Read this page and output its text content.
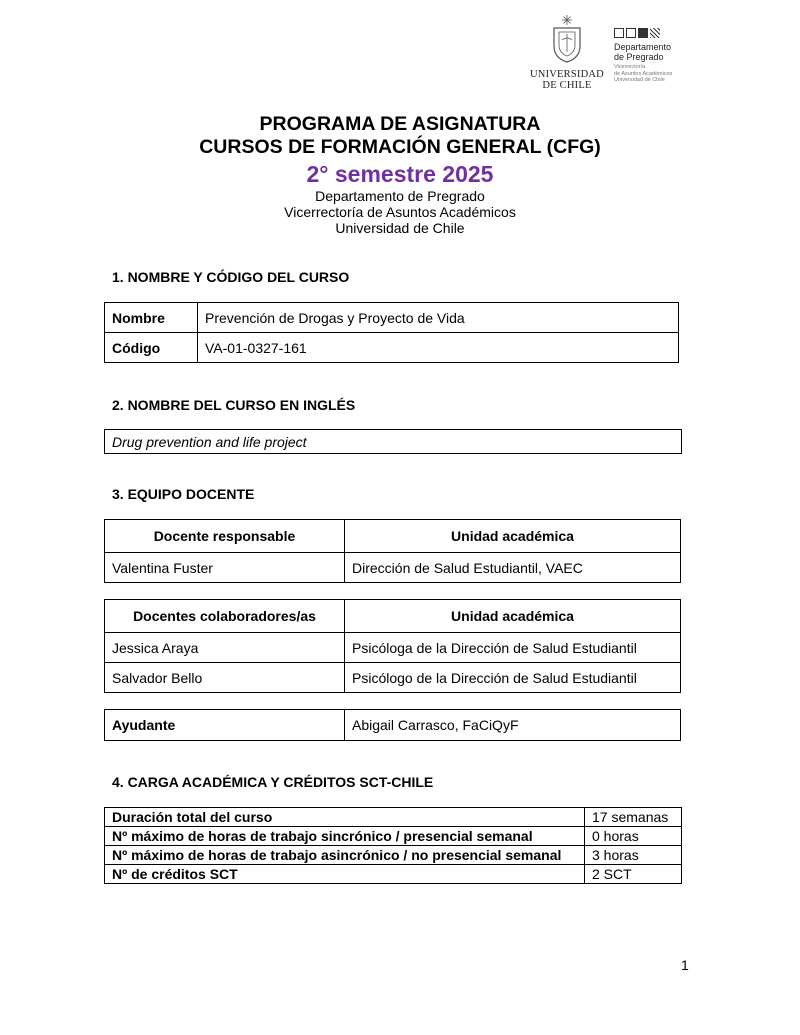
UNIVERSIDAD
DE CHILE
Departamento
de Pregrado
Vicerrectoría
de Asuntos Académicos
Universidad de Chile
PROGRAMA DE ASIGNATURA
CURSOS DE FORMACIÓN GENERAL (CFG)
2° semestre 2025
Departamento de Pregrado
Vicerrectoría de Asuntos Académicos
Universidad de Chile
1. NOMBRE Y CÓDIGO DEL CURSO
Nombre	Prevención de Drogas y Proyecto de Vida
Código	VA-01-0327-161
2. NOMBRE DEL CURSO EN INGLÉS
Drug prevention and life project
3. EQUIPO DOCENTE
Docente responsable	Unidad académica
Valentina Fuster	Dirección de Salud Estudiantil, VAEC
Docentes colaboradores/as	Unidad académica
Jessica Araya	Psicóloga de la Dirección de Salud Estudiantil
Salvador Bello	Psicólogo de la Dirección de Salud Estudiantil
Ayudante	Abigail Carrasco, FaCiQyF
4. CARGA ACADÉMICA Y CRÉDITOS SCT-CHILE
Duración total del curso	17 semanas
Nº máximo de horas de trabajo sincrónico / presencial semanal	0 horas
Nº máximo de horas de trabajo asincrónico / no presencial semanal	3 horas
Nº de créditos SCT	2 SCT
1
